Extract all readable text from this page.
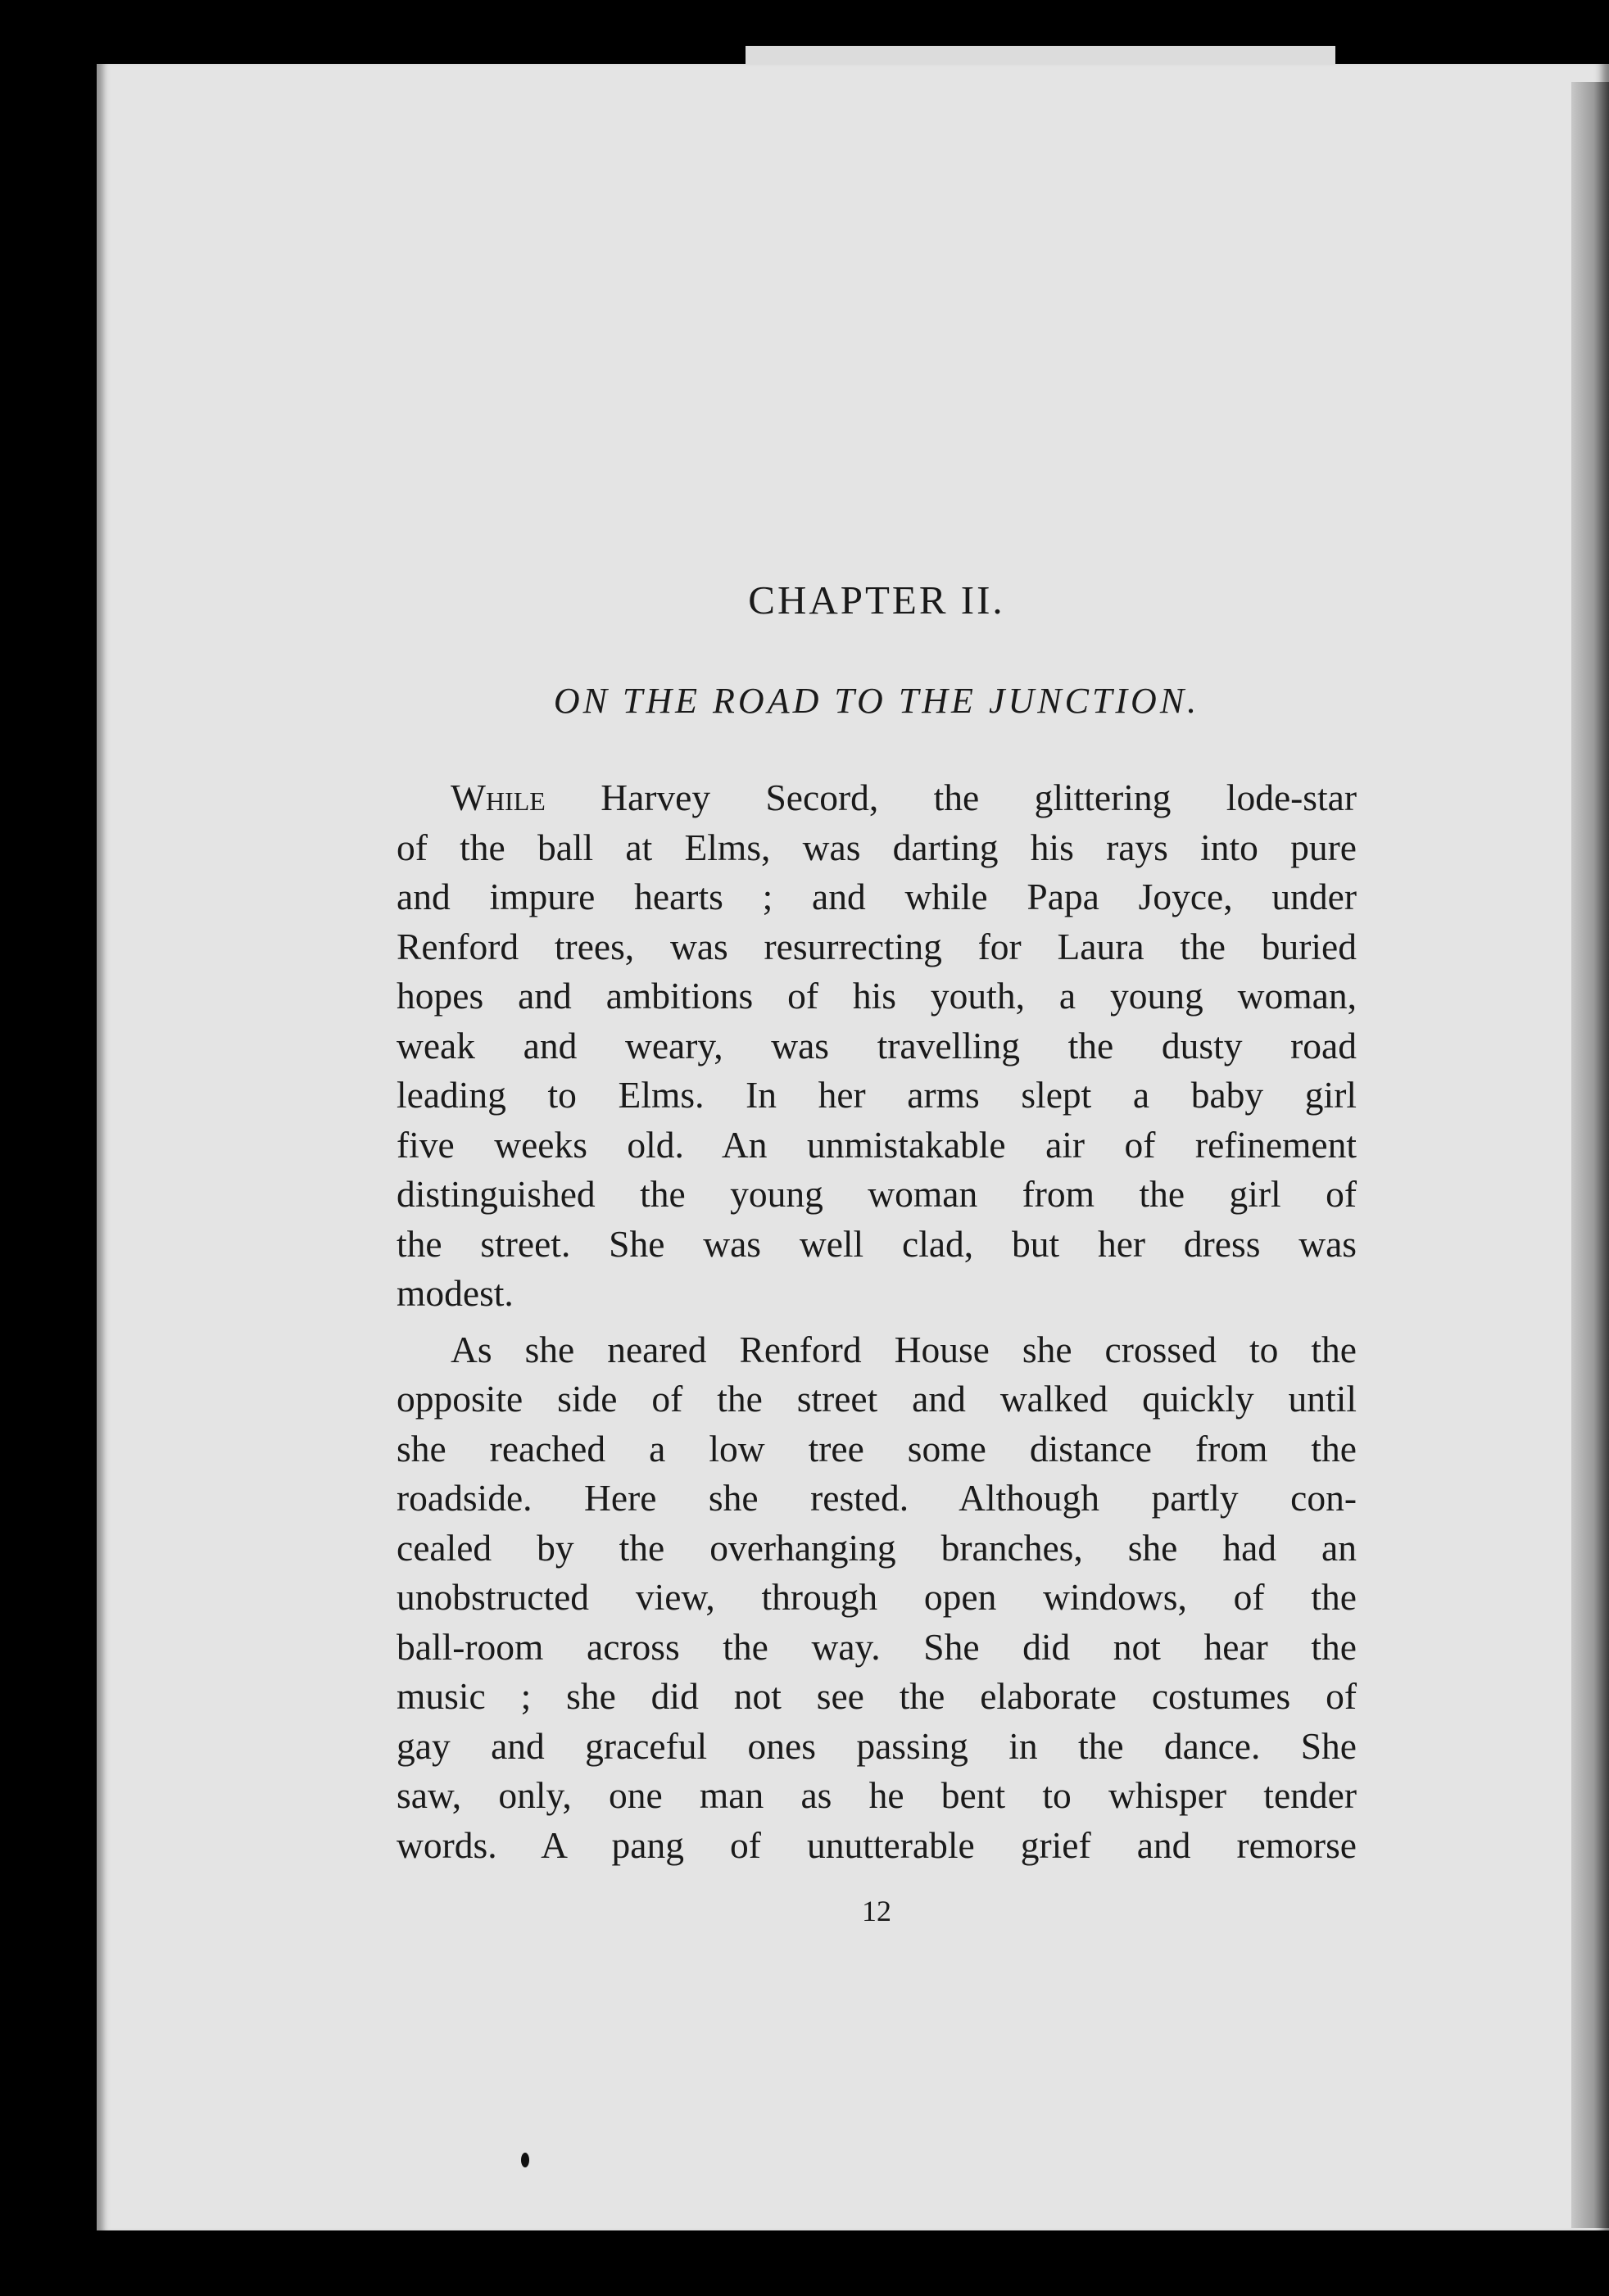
CHAPTER II.
ON THE ROAD TO THE JUNCTION.

While Harvey Secord, the glittering lode-star
of the ball at Elms, was darting his rays into pure
and impure hearts ; and while Papa Joyce, under
Renford trees, was resurrecting for Laura the buried
hopes and ambitions of his youth, a young woman,
weak and weary, was travelling the dusty road
leading to Elms. In her arms slept a baby girl
five weeks old. An unmistakable air of refinement
distinguished the young woman from the girl of
the street. She was well clad, but her dress was
modest.

As she neared Renford House she crossed to the
opposite side of the street and walked quickly until
she reached a low tree some distance from the
roadside. Here she rested. Although partly con-
cealed by the overhanging branches, she had an
unobstructed view, through open windows, of the
ball-room across the way. She did not hear the
music ; she did not see the elaborate costumes of
gay and graceful ones passing in the dance. She
saw, only, one man as he bent to whisper tender
words. A pang of unutterable grief and remorse

12
